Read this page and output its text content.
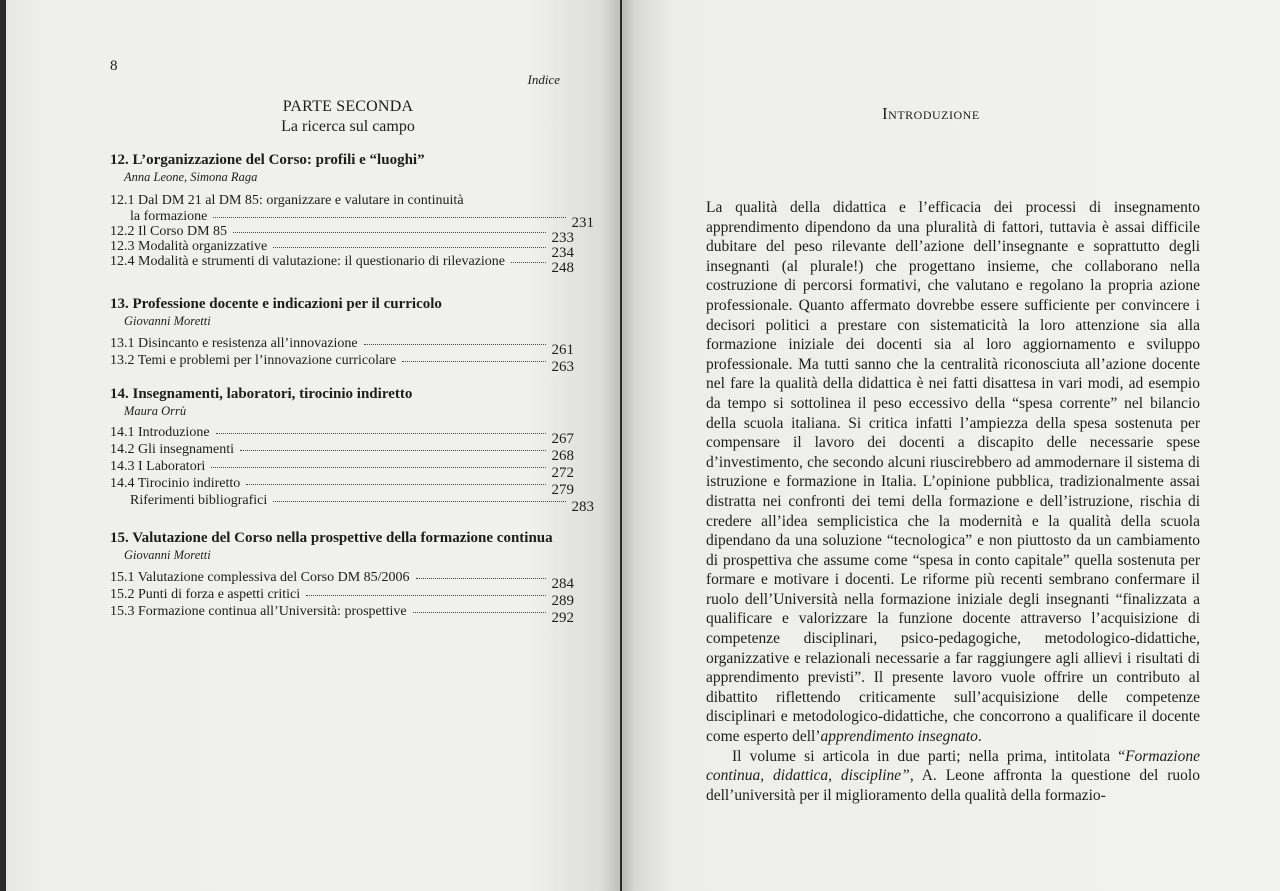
8
Indice
PARTE SECONDA
La ricerca sul campo
12. L’organizzazione del Corso: profili e “luoghi”
Anna Leone, Simona Raga
12.1 Dal DM 21 al DM 85: organizzare e valutare in continuità
la formazione	231
12.2 Il Corso DM 85	233
12.3 Modalità organizzative	234
12.4 Modalità e strumenti di valutazione: il questionario di rilevazione	248
13. Professione docente e indicazioni per il curricolo
Giovanni Moretti
13.1 Disincanto e resistenza all’innovazione	261
13.2 Temi e problemi per l’innovazione curricolare	263
14. Insegnamenti, laboratori, tirocinio indiretto
Maura Orrù
14.1 Introduzione	267
14.2 Gli insegnamenti	268
14.3 I Laboratori	272
14.4 Tirocinio indiretto	279
Riferimenti bibliografici	283
15. Valutazione del Corso nella prospettive della formazione continua
Giovanni Moretti
15.1 Valutazione complessiva del Corso DM 85/2006	284
15.2 Punti di forza e aspetti critici	289
15.3 Formazione continua all’Università: prospettive	292
Introduzione

La qualità della didattica e l’efficacia dei processi di insegnamento apprendimento dipendono da una pluralità di fattori, tuttavia è assai difficile dubitare del peso rilevante dell’azione dell’insegnante e soprattutto degli insegnanti (al plurale!) che progettano insieme, che collaborano nella costruzione di percorsi formativi, che valutano e regolano la propria azione professionale. Quanto affermato dovrebbe essere sufficiente per convincere i decisori politici a prestare con sistematicità la loro attenzione sia alla formazione iniziale dei docenti sia al loro aggiornamento e sviluppo professionale. Ma tutti sanno che la centralità riconosciuta all’azione docente nel fare la qualità della didattica è nei fatti disattesa in vari modi, ad esempio da tempo si sottolinea il peso eccessivo della “spesa corrente” nel bilancio della scuola italiana. Si critica infatti l’ampiezza della spesa sostenuta per compensare il lavoro dei docenti a discapito delle necessarie spese d’investimento, che secondo alcuni riuscirebbero ad ammodernare il sistema di istruzione e formazione in Italia. L’opinione pubblica, tradizionalmente assai distratta nei confronti dei temi della formazione e dell’istruzione, rischia di credere all’idea semplicistica che la modernità e la qualità della scuola dipendano da una soluzione “tecnologica” e non piuttosto da un cambiamento di prospettiva che assume come “spesa in conto capitale” quella sostenuta per formare e motivare i docenti. Le riforme più recenti sembrano confermare il ruolo dell’Università nella formazione iniziale degli insegnanti “finalizzata a qualificare e valorizzare la funzione docente attraverso l’acquisizione di competenze disciplinari, psico-pedagogiche, metodologico-didattiche, organizzative e relazionali necessarie a far raggiungere agli allievi i risultati di apprendimento previsti”. Il presente lavoro vuole offrire un contributo al dibattito riflettendo criticamente sull’acquisizione delle competenze disciplinari e metodologico-didattiche, che concorrono a qualificare il docente come esperto dell’apprendimento insegnato.

Il volume si articola in due parti; nella prima, intitolata “Formazione continua, didattica, discipline”, A. Leone affronta la questione del ruolo dell’università per il miglioramento della qualità della formazio-
